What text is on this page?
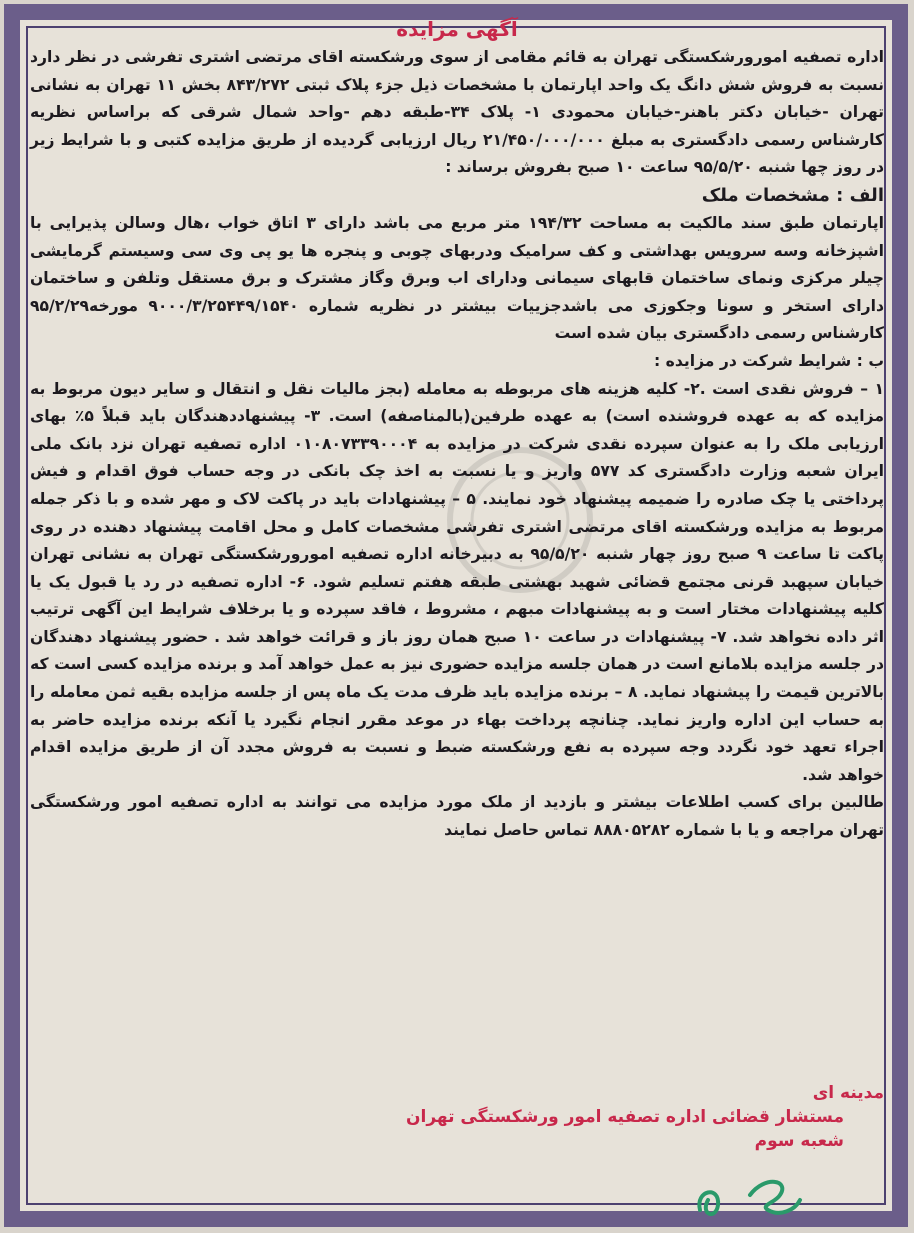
آگهی مزایده

اداره تصفیه امورورشکستگی تهران به قائم مقامی از سوی ورشکسته اقای مرتضی اشتری تفرشی در نظر دارد نسبت به فروش شش دانگ یک واحد اپارتمان با مشخصات ذیل جزء پلاک ثبتی ۸۴۳/۲۷۲ بخش ۱۱ تهران به نشانی تهران -خیابان دکتر باهنر-خیابان محمودی ۱- پلاک ۳۴-طبقه دهم -واحد شمال شرقی که براساس نظریه کارشناس رسمی دادگستری به مبلغ ۲۱/۴۵۰/۰۰۰/۰۰۰ ریال ارزیابی گردیده از طریق مزایده کتبی و با شرایط زیر در روز چها شنبه ۹۵/۵/۲۰ ساعت ۱۰ صبح بفروش برساند :

الف : مشخصات ملک

اپارتمان طبق سند مالکیت به مساحت ۱۹۴/۳۲ متر مربع می باشد دارای ۳ اتاق خواب ،هال وسالن پذیرایی با اشپزخانه وسه سرویس بهداشتی و کف سرامیک ودربهای چوبی و پنجره ها یو پی وی سی وسیستم گرمایشی چیلر مرکزی ونمای ساختمان قابهای سیمانی ودارای اب وبرق وگاز مشترک و برق مستقل وتلفن و ساختمان دارای استخر و سونا وجکوزی می باشدجزییات بیشتر در نظریه شماره ۹۰۰۰/۳/۲۵۴۴۹/۱۵۴۰ مورخه۹۵/۲/۲۹ کارشناس رسمی دادگستری بیان شده است

ب : شرایط شرکت در مزایده :

۱ – فروش نقدی است .۲- کلیه هزینه های مربوطه به معامله (بجز مالیات نقل و انتقال و سایر دیون مربوط به مزایده که به عهده فروشنده است) به عهده طرفین(بالمناصفه) است. ۳- پیشنهاددهندگان باید قبلاً ۵٪ بهای ارزیابی ملک را به عنوان سپرده نقدی شرکت در مزایده به ۰۱۰۸۰۷۳۳۹۰۰۰۴ اداره تصفیه تهران نزد بانک ملی ایران شعبه وزارت دادگستری کد ۵۷۷ واریز و یا نسبت به اخذ چک بانکی در وجه حساب فوق اقدام و فیش پرداختی یا چک صادره را ضمیمه پیشنهاد خود نمایند. ۵ – پیشنهادات باید در پاکت لاک و مهر شده و با ذکر جمله مربوط به مزایده ورشکسته اقای مرتضی اشتری تفرشی مشخصات کامل و محل اقامت پیشنهاد دهنده در روی پاکت تا ساعت ۹ صبح روز چهار شنبه ۹۵/۵/۲۰ به دبیرخانه اداره تصفیه امورورشکستگی تهران به نشانی تهران خیابان سپهبد قرنی مجتمع قضائی شهید بهشتی طبقه هفتم تسلیم شود. ۶- اداره تصفیه در رد یا قبول یک یا کلیه پیشنهادات مختار است و به پیشنهادات مبهم ، مشروط ، فاقد سپرده و یا برخلاف شرایط این آگهی ترتیب اثر داده نخواهد شد. ۷- پیشنهادات در ساعت ۱۰ صبح همان روز باز و قرائت خواهد شد . حضور پیشنهاد دهندگان در جلسه مزایده بلامانع است در همان جلسه مزایده حضوری نیز به عمل خواهد آمد و برنده مزایده کسی است که بالاترین قیمت را پیشنهاد نماید. ۸ – برنده مزایده باید ظرف مدت یک ماه پس از جلسه مزایده بقیه ثمن معامله را به حساب این اداره واریز نماید. چنانچه پرداخت بهاء در موعد مقرر انجام نگیرد یا آنکه برنده مزایده حاضر به اجراء تعهد خود نگردد وجه سپرده به نفع ورشکسته ضبط و نسبت به فروش مجدد آن از طریق مزایده اقدام خواهد شد.

طالبین برای کسب اطلاعات بیشتر و بازدید از ملک مورد مزایده می توانند به اداره تصفیه امور ورشکستگی تهران مراجعه و یا با شماره ۸۸۸۰۵۲۸۲ تماس حاصل نمایند

مدینه ای
مستشار قضائی اداره تصفیه امور ورشکستگی تهران
شعبه سوم
